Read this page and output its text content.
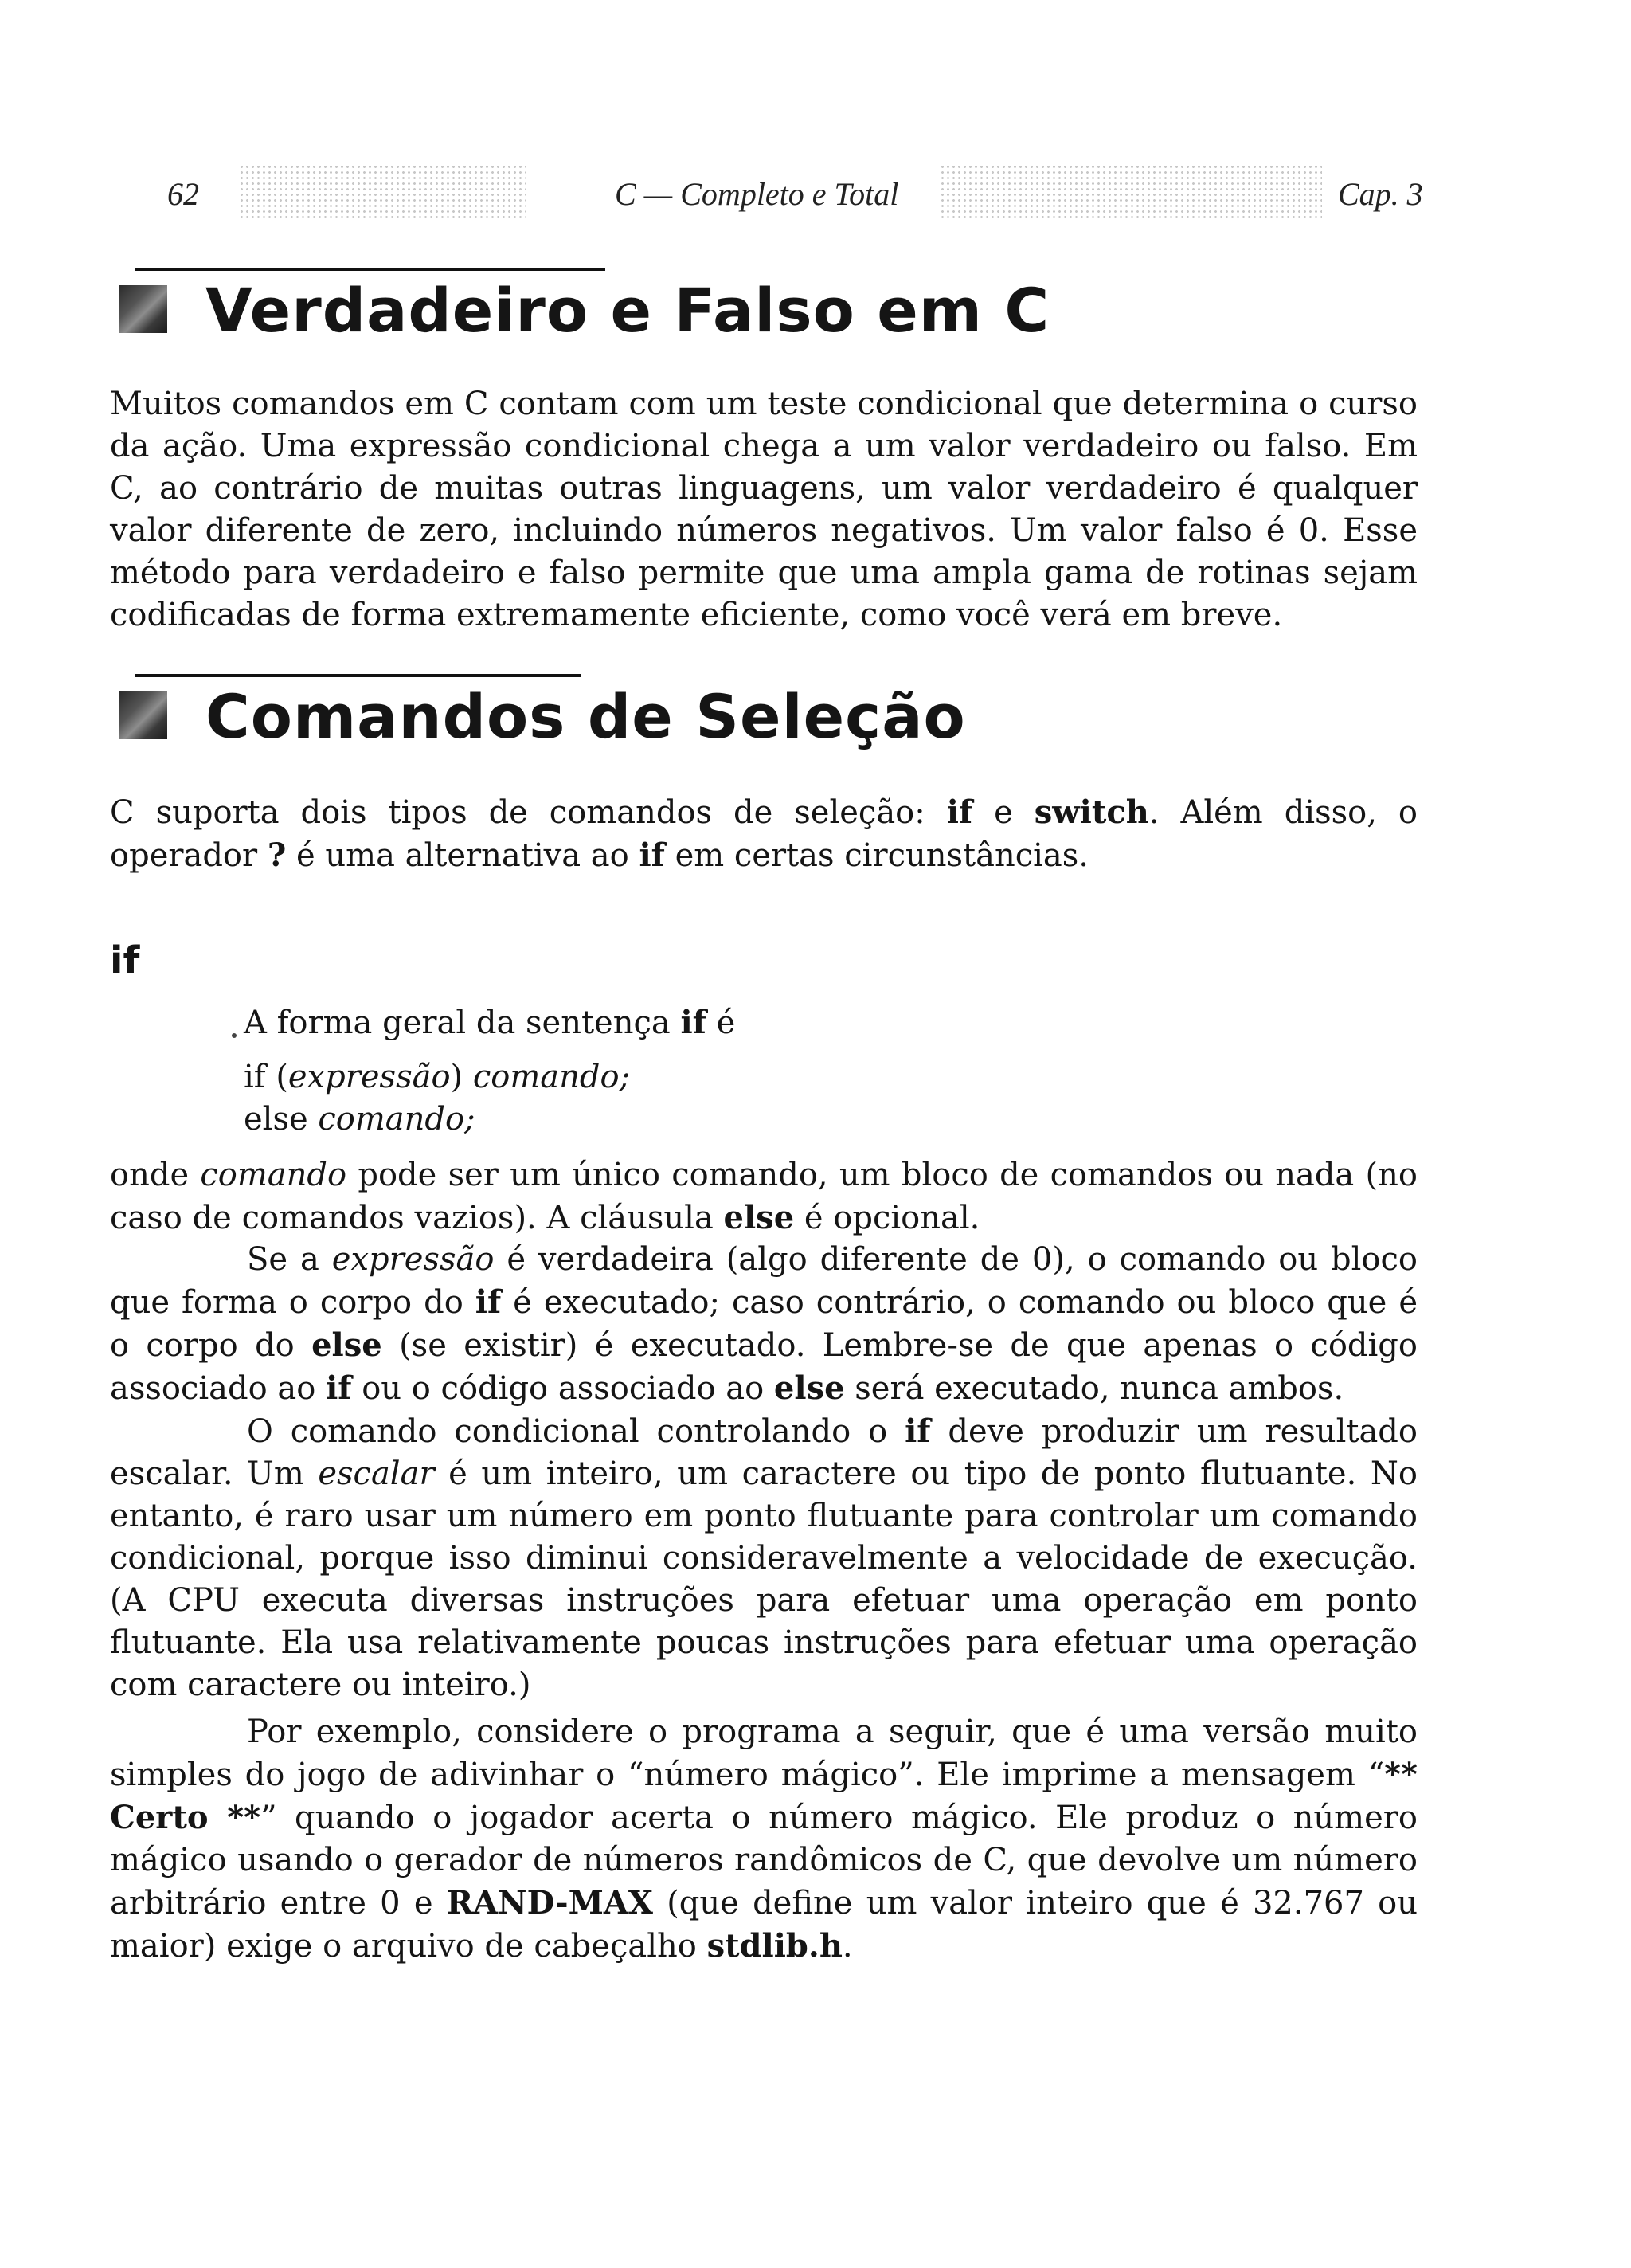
62	C — Completo e Total	Cap. 3
Verdadeiro e Falso em C

Muitos comandos em C contam com um teste condicional que determina o curso da ação. Uma expressão condicional chega a um valor verdadeiro ou falso. Em C, ao contrário de muitas outras linguagens, um valor verdadeiro é qualquer valor diferente de zero, incluindo números negativos. Um valor falso é 0. Esse método para verdadeiro e falso permite que uma ampla gama de rotinas sejam codificadas de forma extremamente eficiente, como você verá em breve.

Comandos de Seleção

C suporta dois tipos de comandos de seleção: if e switch. Além disso, o operador ? é uma alternativa ao if em certas circunstâncias.

if
A forma geral da sentença if é
if (expressão) comando;
else comando;

onde comando pode ser um único comando, um bloco de comandos ou nada (no caso de comandos vazios). A cláusula else é opcional.

Se a expressão é verdadeira (algo diferente de 0), o comando ou bloco que forma o corpo do if é executado; caso contrário, o comando ou bloco que é o corpo do else (se existir) é executado. Lembre-se de que apenas o código associado ao if ou o código associado ao else será executado, nunca ambos.

O comando condicional controlando o if deve produzir um resultado escalar. Um escalar é um inteiro, um caractere ou tipo de ponto flutuante. No entanto, é raro usar um número em ponto flutuante para controlar um comando condicional, porque isso diminui consideravelmente a velocidade de execução. (A CPU executa diversas instruções para efetuar uma operação em ponto flutuante. Ela usa relativamente poucas instruções para efetuar uma operação com caractere ou inteiro.)

Por exemplo, considere o programa a seguir, que é uma versão muito simples do jogo de adivinhar o “número mágico”. Ele imprime a mensagem “** Certo **” quando o jogador acerta o número mágico. Ele produz o número mágico usando o gerador de números randômicos de C, que devolve um número arbitrário entre 0 e RAND-MAX (que define um valor inteiro que é 32.767 ou maior) exige o arquivo de cabeçalho stdlib.h.
